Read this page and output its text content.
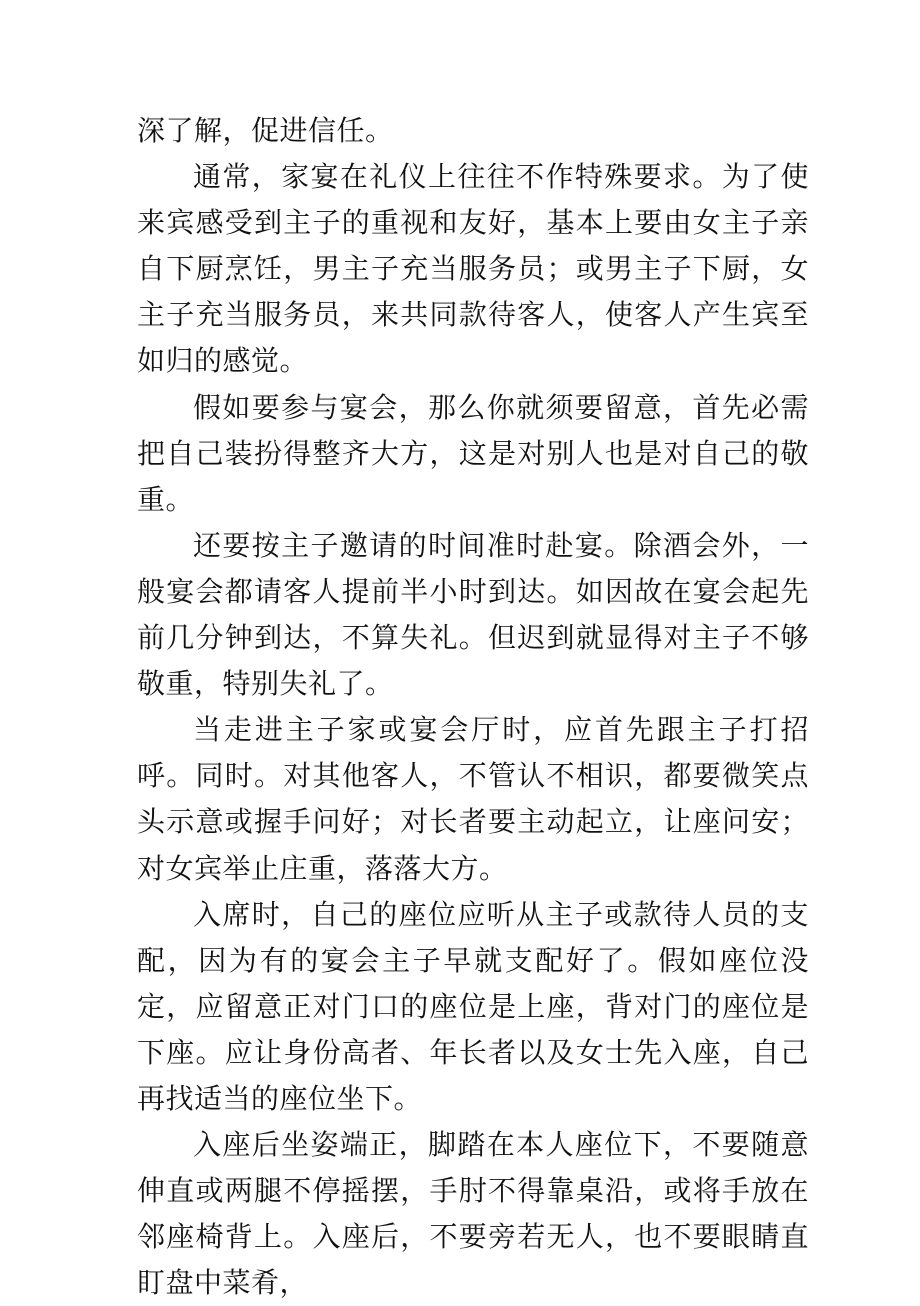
深了解，促进信任。

通常，家宴在礼仪上往往不作特殊要求。为了使来宾感受到主子的重视和友好，基本上要由女主子亲自下厨烹饪，男主子充当服务员；或男主子下厨，女主子充当服务员，来共同款待客人，使客人产生宾至如归的感觉。

假如要参与宴会，那么你就须要留意，首先必需把自己装扮得整齐大方，这是对别人也是对自己的敬重。

还要按主子邀请的时间准时赴宴。除酒会外，一般宴会都请客人提前半小时到达。如因故在宴会起先前几分钟到达，不算失礼。但迟到就显得对主子不够敬重，特别失礼了。

当走进主子家或宴会厅时，应首先跟主子打招呼。同时。对其他客人，不管认不相识，都要微笑点头示意或握手问好；对长者要主动起立，让座问安；对女宾举止庄重，落落大方。

入席时，自己的座位应听从主子或款待人员的支配，因为有的宴会主子早就支配好了。假如座位没定，应留意正对门口的座位是上座，背对门的座位是下座。应让身份高者、年长者以及女士先入座，自己再找适当的座位坐下。

入座后坐姿端正，脚踏在本人座位下，不要随意伸直或两腿不停摇摆，手肘不得靠桌沿，或将手放在邻座椅背上。入座后，不要旁若无人，也不要眼睛直盯盘中菜肴，
